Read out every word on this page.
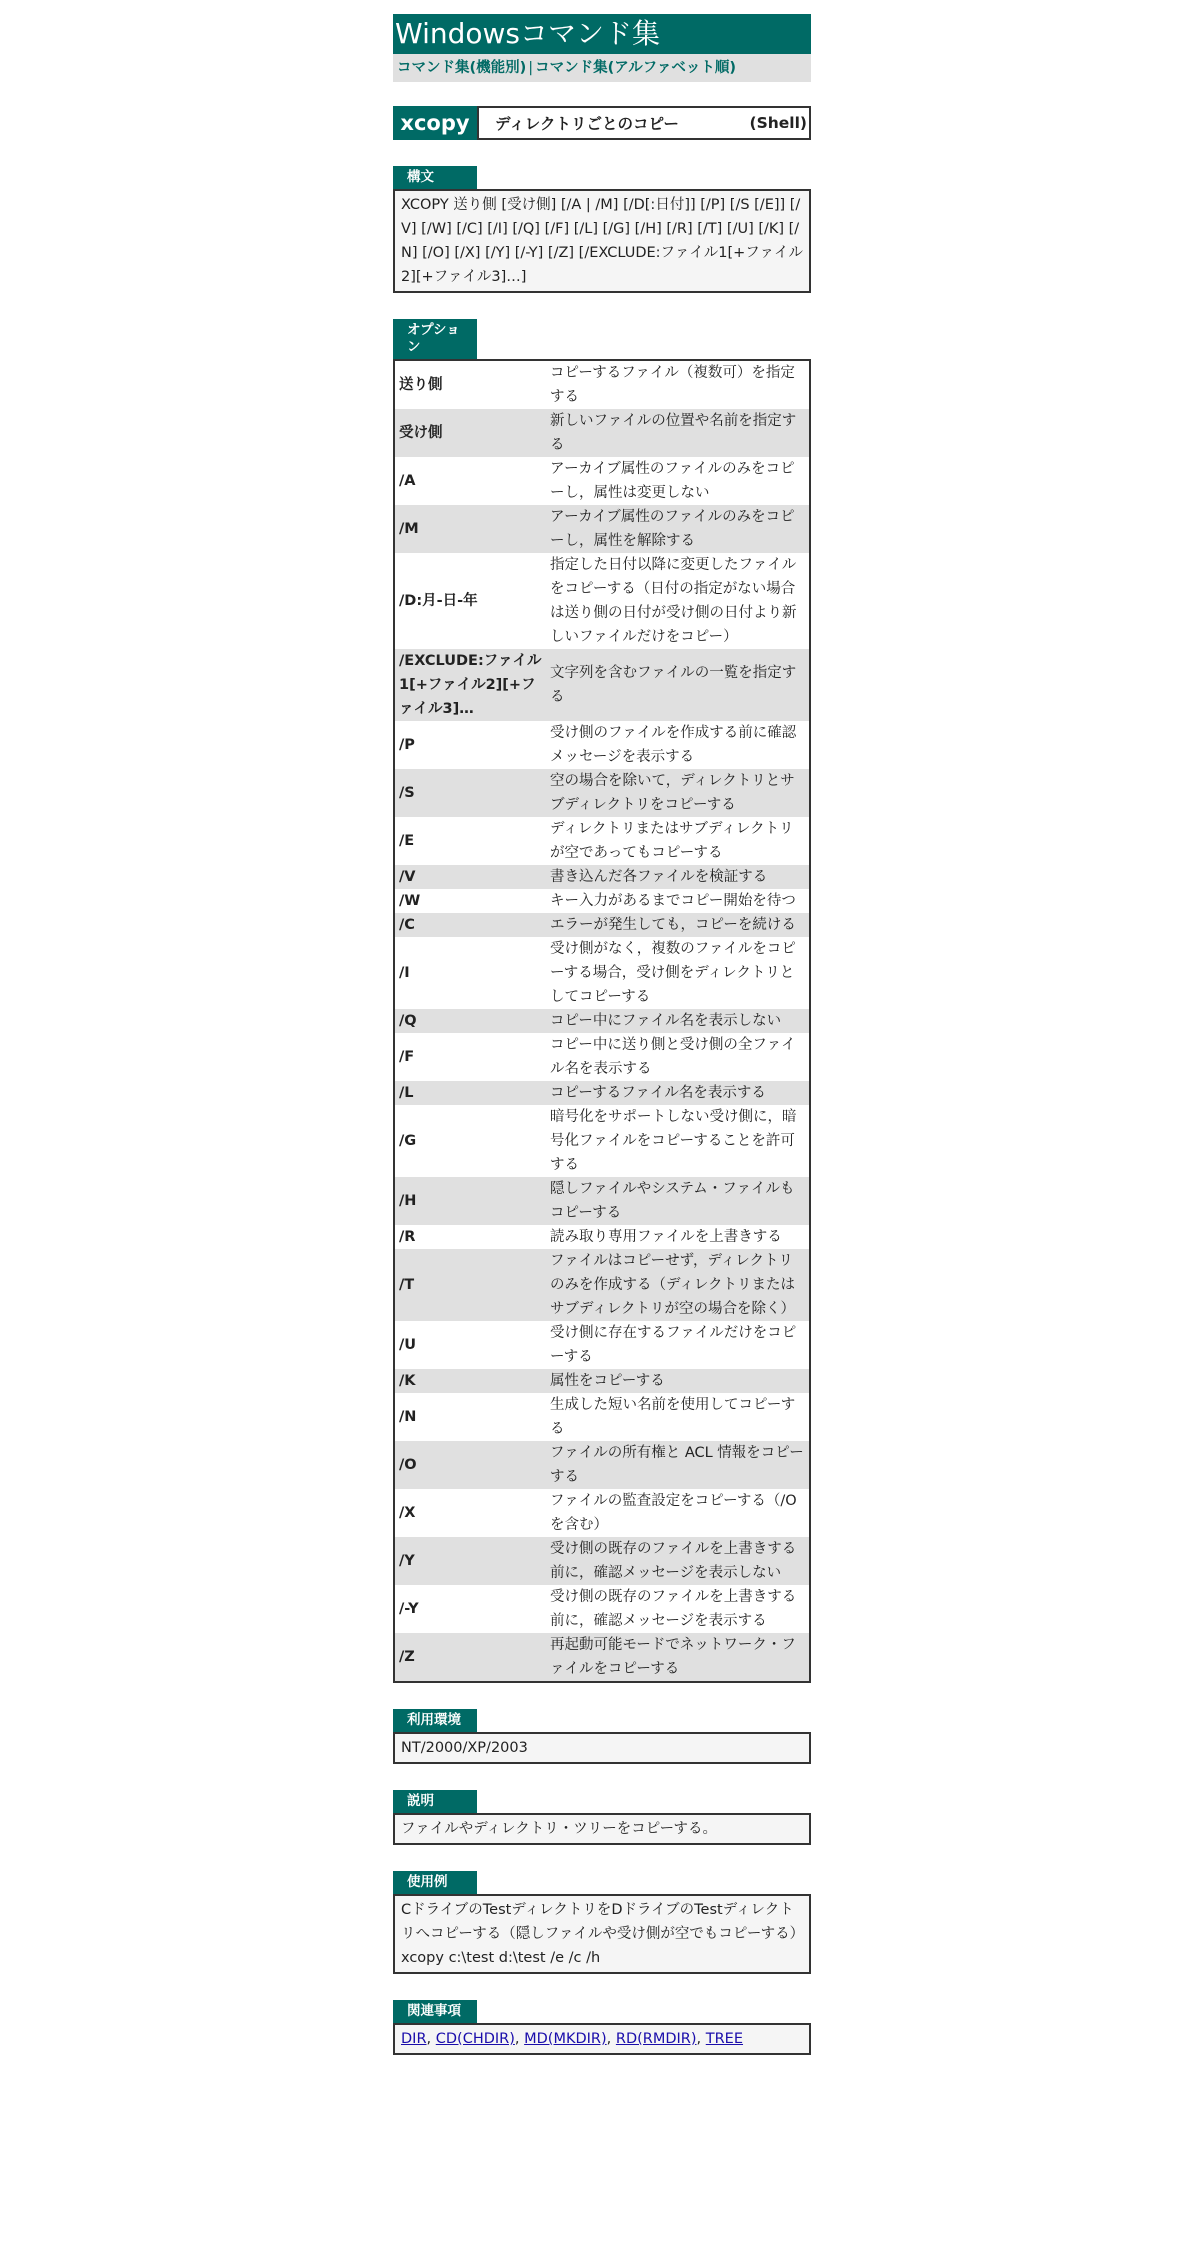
Windowsコマンド集
コマンド集(機能別) | コマンド集(アルファベット順)
xcopy	ディレクトリごとのコピー	(Shell)
構文
XCOPY 送り側 [受け側] [/A | /M] [/D[:日付]] [/P] [/S [/E]] [/V] [/W] [/C] [/I] [/Q] [/F] [/L] [/G] [/H] [/R] [/T] [/U] [/K] [/N] [/O] [/X] [/Y] [/-Y] [/Z] [/EXCLUDE:ファイル1[+ファイル2][+ファイル3]…]
オプション
送り側	コピーするファイル（複数可）を指定する
受け側	新しいファイルの位置や名前を指定する
/A	アーカイブ属性のファイルのみをコピーし，属性は変更しない
/M	アーカイブ属性のファイルのみをコピーし，属性を解除する
/D:月-日-年	指定した日付以降に変更したファイルをコピーする（日付の指定がない場合は送り側の日付が受け側の日付より新しいファイルだけをコピー）
/EXCLUDE:ファイル1[+ファイル2][+ファイル3]…	文字列を含むファイルの一覧を指定する
/P	受け側のファイルを作成する前に確認メッセージを表示する
/S	空の場合を除いて，ディレクトリとサブディレクトリをコピーする
/E	ディレクトリまたはサブディレクトリが空であってもコピーする
/V	書き込んだ各ファイルを検証する
/W	キー入力があるまでコピー開始を待つ
/C	エラーが発生しても，コピーを続ける
/I	受け側がなく，複数のファイルをコピーする場合，受け側をディレクトリとしてコピーする
/Q	コピー中にファイル名を表示しない
/F	コピー中に送り側と受け側の全ファイル名を表示する
/L	コピーするファイル名を表示する
/G	暗号化をサポートしない受け側に，暗号化ファイルをコピーすることを許可する
/H	隠しファイルやシステム・ファイルもコピーする
/R	読み取り専用ファイルを上書きする
/T	ファイルはコピーせず，ディレクトリのみを作成する（ディレクトリまたはサブディレクトリが空の場合を除く）
/U	受け側に存在するファイルだけをコピーする
/K	属性をコピーする
/N	生成した短い名前を使用してコピーする
/O	ファイルの所有権と ACL 情報をコピーする
/X	ファイルの監査設定をコピーする（/Oを含む）
/Y	受け側の既存のファイルを上書きする前に，確認メッセージを表示しない
/-Y	受け側の既存のファイルを上書きする前に，確認メッセージを表示する
/Z	再起動可能モードでネットワーク・ファイルをコピーする
利用環境
NT/2000/XP/2003
説明
ファイルやディレクトリ・ツリーをコピーする。
使用例
CドライブのTestディレクトリをDドライブのTestディレクトリへコピーする（隠しファイルや受け側が空でもコピーする）
xcopy c:\test d:\test /e /c /h
関連事項
DIR, CD(CHDIR), MD(MKDIR), RD(RMDIR), TREE
